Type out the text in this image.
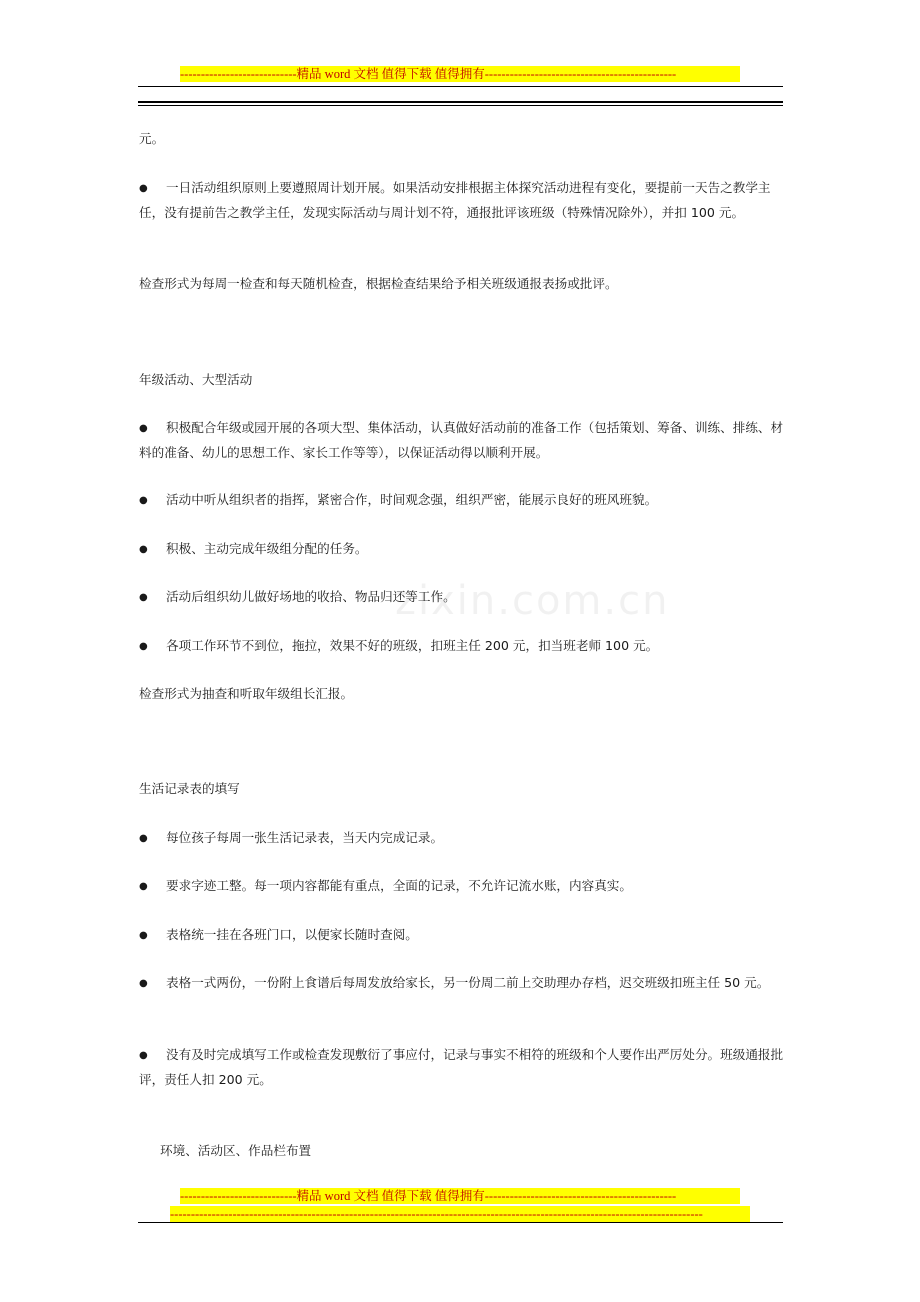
----------------------------精品 word 文档 值得下载 值得拥有----------------------------------------------
zixin.com.cn

元。

● 一日活动组织原则上要遵照周计划开展。如果活动安排根据主体探究活动进程有变化，要提前一天告之教学主任，没有提前告之教学主任，发现实际活动与周计划不符，通报批评该班级（特殊情况除外），并扣 100 元。

检查形式为每周一检查和每天随机检查，根据检查结果给予相关班级通报表扬或批评。

年级活动、大型活动

● 积极配合年级或园开展的各项大型、集体活动，认真做好活动前的准备工作（包括策划、筹备、训练、排练、材料的准备、幼儿的思想工作、家长工作等等），以保证活动得以顺利开展。

● 活动中听从组织者的指挥，紧密合作，时间观念强，组织严密，能展示良好的班风班貌。

● 积极、主动完成年级组分配的任务。

● 活动后组织幼儿做好场地的收拾、物品归还等工作。

● 各项工作环节不到位，拖拉，效果不好的班级，扣班主任 200 元，扣当班老师 100 元。

检查形式为抽查和听取年级组长汇报。

生活记录表的填写

● 每位孩子每周一张生活记录表，当天内完成记录。

● 要求字迹工整。每一项内容都能有重点，全面的记录，不允许记流水账，内容真实。

● 表格统一挂在各班门口，以便家长随时查阅。

● 表格一式两份，一份附上食谱后每周发放给家长，另一份周二前上交助理办存档，迟交班级扣班主任 50 元。

● 没有及时完成填写工作或检查发现敷衍了事应付，记录与事实不相符的班级和个人要作出严厉处分。班级通报批评，责任人扣 200 元。

环境、活动区、作品栏布置
----------------------------精品 word 文档 值得下载 值得拥有----------------------------------------------
--------------------------------------------------------------------------------------------------------------------------------
